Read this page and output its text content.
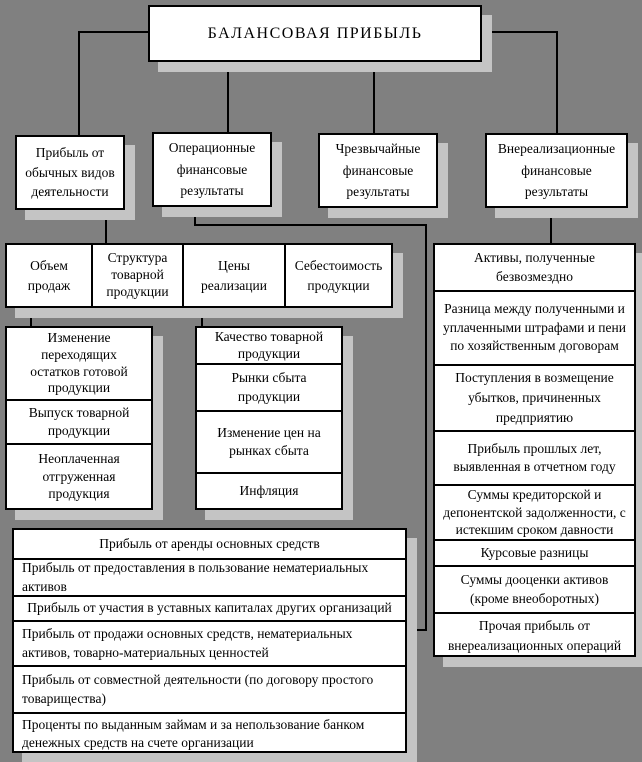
БАЛАНСОВАЯ ПРИБЫЛЬ
Прибыль от обычных видов деятельности
Операционные финансовые результаты
Чрезвычайные финансовые результаты
Внереализационные финансовые результаты
Объем продаж
Структура товарной продукции
Цены реализации
Себестоимость продукции
Изменение переходящих остатков готовой продукции
Выпуск товарной продукции
Неоплаченная отгруженная продукция
Качество товарной продукции
Рынки сбыта продукции
Изменение цен на рынках сбыта
Инфляция
Прибыль от аренды основных средств
Прибыль от предоставления в пользование нематериальных активов
Прибыль от участия в уставных капиталах других организаций
Прибыль от продажи основных средств, нематериальных активов, товарно-материальных ценностей
Прибыль от совместной деятельности (по договору простого товарищества)
Проценты по выданным займам и за непользование банком денежных средств на счете организации
Активы, полученные безвозмездно
Разница между полученными и уплаченными штрафами и пени по хозяйственным договорам
Поступления в возмещение убытков, причиненных предприятию
Прибыль прошлых лет, выявленная в отчетном году
Суммы кредиторской и депонентской задолженности, с истекшим сроком давности
Курсовые разницы
Суммы дооценки активов (кроме внеоборотных)
Прочая прибыль от внереализационных операций
